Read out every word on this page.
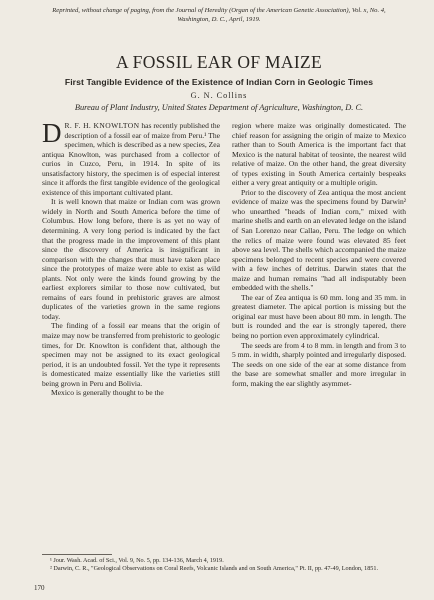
Reprinted, without change of paging, from the Journal of Heredity (Organ of the American Genetic Association), Vol. x, No. 4, Washington, D. C., April, 1919.
A FOSSIL EAR OF MAIZE
First Tangible Evidence of the Existence of Indian Corn in Geologic Times
G. N. Collins
Bureau of Plant Industry, United States Department of Agriculture, Washington, D. C.

D R. F. H. KNOWLTON has recently published the description of a fossil ear of maize from Peru.¹ The specimen, which is described as a new species, Zea antiqua Knowlton, was purchased from a collector of curios in Cuzco, Peru, in 1914. In spite of its unsatisfactory history, the specimen is of especial interest since it affords the first tangible evidence of the geological existence of this important cultivated plant.

It is well known that maize or Indian corn was grown widely in North and South America before the time of Columbus. How long before, there is as yet no way of determining. A very long period is indicated by the fact that the progress made in the improvement of this plant since the discovery of America is insignificant in comparison with the changes that must have taken place since the prototypes of maize were able to exist as wild plants. Not only were the kinds found growing by the earliest explorers similar to those now cultivated, but remains of ears found in prehistoric graves are almost duplicates of the varieties grown in the same regions today.

The finding of a fossil ear means that the origin of maize may now be transferred from prehistoric to geologic times, for Dr. Knowlton is confident that, although the specimen may not be assigned to its exact geological period, it is an undoubted fossil. Yet the type it represents is domesticated maize essentially like the varieties still being grown in Peru and Bolivia.

Mexico is generally thought to be the

region where maize was originally domesticated. The chief reason for assigning the origin of maize to Mexico rather than to South America is the important fact that Mexico is the natural habitat of teosinte, the nearest wild relative of maize. On the other hand, the great diversity of types existing in South America certainly bespeaks either a very great antiquity or a multiple origin.

Prior to the discovery of Zea antiqua the most ancient evidence of maize was the specimens found by Darwin² who unearthed "heads of Indian corn," mixed with marine shells and earth on an elevated ledge on the island of San Lorenzo near Callao, Peru. The ledge on which the relics of maize were found was elevated 85 feet above sea level. The shells which accompanied the maize specimens belonged to recent species and were covered with a few inches of detritus. Darwin states that the maize and human remains "had all indisputably been embedded with the shells."

The ear of Zea antiqua is 60 mm. long and 35 mm. in greatest diameter. The apical portion is missing but the original ear must have been about 80 mm. in length. The butt is rounded and the ear is strongly tapered, there being no portion even approximately cylindrical.

The seeds are from 4 to 8 mm. in length and from 3 to 5 mm. in width, sharply pointed and irregularly disposed. The seeds on one side of the ear at some distance from the base are somewhat smaller and more irregular in form, making the ear slightly asymmet-

¹ Jour. Wash. Acad. of Sci., Vol. 9, No. 5, pp. 134-136, March 4, 1919.

² Darwin, C. R., "Geological Observations on Coral Reefs, Volcanic Islands and on South America," Pt. II, pp. 47-49, London, 1851.

170
